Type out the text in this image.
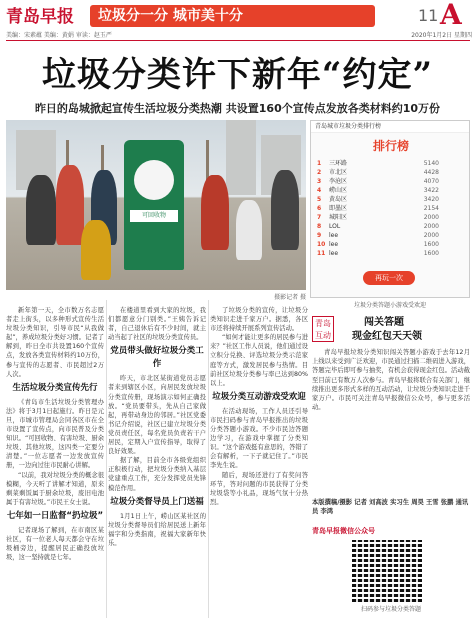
青岛早报	垃圾分一分 城市美十分	11 A
美编：宋素蕴 美编：黄娟 审读：赵玉严	2020年1月2日 星期四
垃圾分类许下新年“约定”
昨日的岛城掀起宣传生活垃圾分类热潮 共设置160个宣传点发放各类材料约10万份
可回收物
摄影记者 摄
青岛城市垃圾分类排行榜
排行榜
1	三环路	5140
2	市北区	4428
3	李沧区	4070
4	崂山区	3422
5	黄岛区	3420
6	即墨区	2154
7	城阳区	2000
8	LOL	2000
9	lee	2000
10 lee	1600
11 lee	1600
再玩一次
垃圾分类答题小游戏受欢迎
青岛 互动
闯关答题
现金红包天天领
青岛早报垃圾分类知识闯关答题小游戏于去年12月上线以来受到广泛欢迎，市民通过扫描二维码进入游戏，答题完毕后即可参与抽奖，有机会获得现金红包。活动截至目前已有数万人次参与。青岛早报将联合有关部门，继续推出更多形式多样的互动活动，让垃圾分类知识走进千家万户。市民可关注青岛早报微信公众号，参与更多活动。
本版撰稿/摄影 记者 刘高波 实习生 周昊 王雪 张鹏 通讯员 李鸿
青岛早报微信公众号
扫码参与垃圾分类答题

新年第一天，全市数万名志愿者走上街头，以多种形式宣传生活垃圾分类知识，引导市民“从我做起”，养成垃圾分类好习惯。记者了解到，昨日全市共设置160个宣传点，发放各类宣传材料约10万份，参与宣传的志愿者、市民超过2万人次。

生活垃圾分类宣传先行

《青岛市生活垃圾分类管理办法》将于3月1日起施行。昨日是元旦，市城市管理局会同各区市在全市设置了宣传点，向市民普及分类知识。“可回收物、有害垃圾、厨余垃圾、其他垃圾，这四类一定要分清楚。”一位志愿者一边发放宣传册，一边向过往市民耐心讲解。

“以前，我对垃圾分类的概念很模糊，今天听了讲解才知道，原来剩菜剩饭属于厨余垃圾，废旧电池属于有害垃圾。”市民王女士说。

七年如一日监督“扔垃圾”

记者现场了解到，在市南区某社区，有一位老人每天都会守在垃圾桶旁边，提醒居民正确投放垃圾，这一坚持就是七年。

在楼道里看到大家的垃圾，我们都愿意分门别类。”王姨告诉记者，自己退休后有不少时间，就主动当起了社区的垃圾分类宣传员。

党员带头做好垃圾分类工作

昨天，市北区某街道党员志愿者来到辖区小区，向居民发放垃圾分类宣传册，现场演示如何正确投放。“党员要带头，先从自己家做起，再带动身边的邻居。”社区党委书记介绍说，社区已建立垃圾分类党员责任区，每名党员负责若干户居民，定期入户宣传指导，取得了良好效果。

据了解，目前全市各级党组织正积极行动，把垃圾分类纳入基层党建重点工作，充分发挥党员先锋模范作用。

垃圾分类督导员上门送福

1月1日上午，崂山区某社区的垃圾分类督导员们给居民送上新年福字和分类指南，祝福大家新年快乐。

了垃圾分类的宣传，让垃圾分类知识走进千家万户。据悉，各区市还将持续开展系列宣传活动。

“如何才能让更多的居民参与进来？”社区工作人员说，他们通过设立积分兑换、评选垃圾分类示范家庭等方式，激发居民参与热情。目前社区垃圾分类参与率已达到80%以上。

垃圾分类互动游戏受欢迎

在活动现场，工作人员还引导市民扫码参与青岛早报推出的垃圾分类答题小游戏。不少市民边答题边学习，在游戏中掌握了分类知识。“这个游戏挺有意思的，答错了会有解析，一下子就记住了。”市民李先生说。

随后，现场还进行了有奖问答环节，答对问题的市民获得了分类垃圾袋等小礼品，现场气氛十分热烈。
